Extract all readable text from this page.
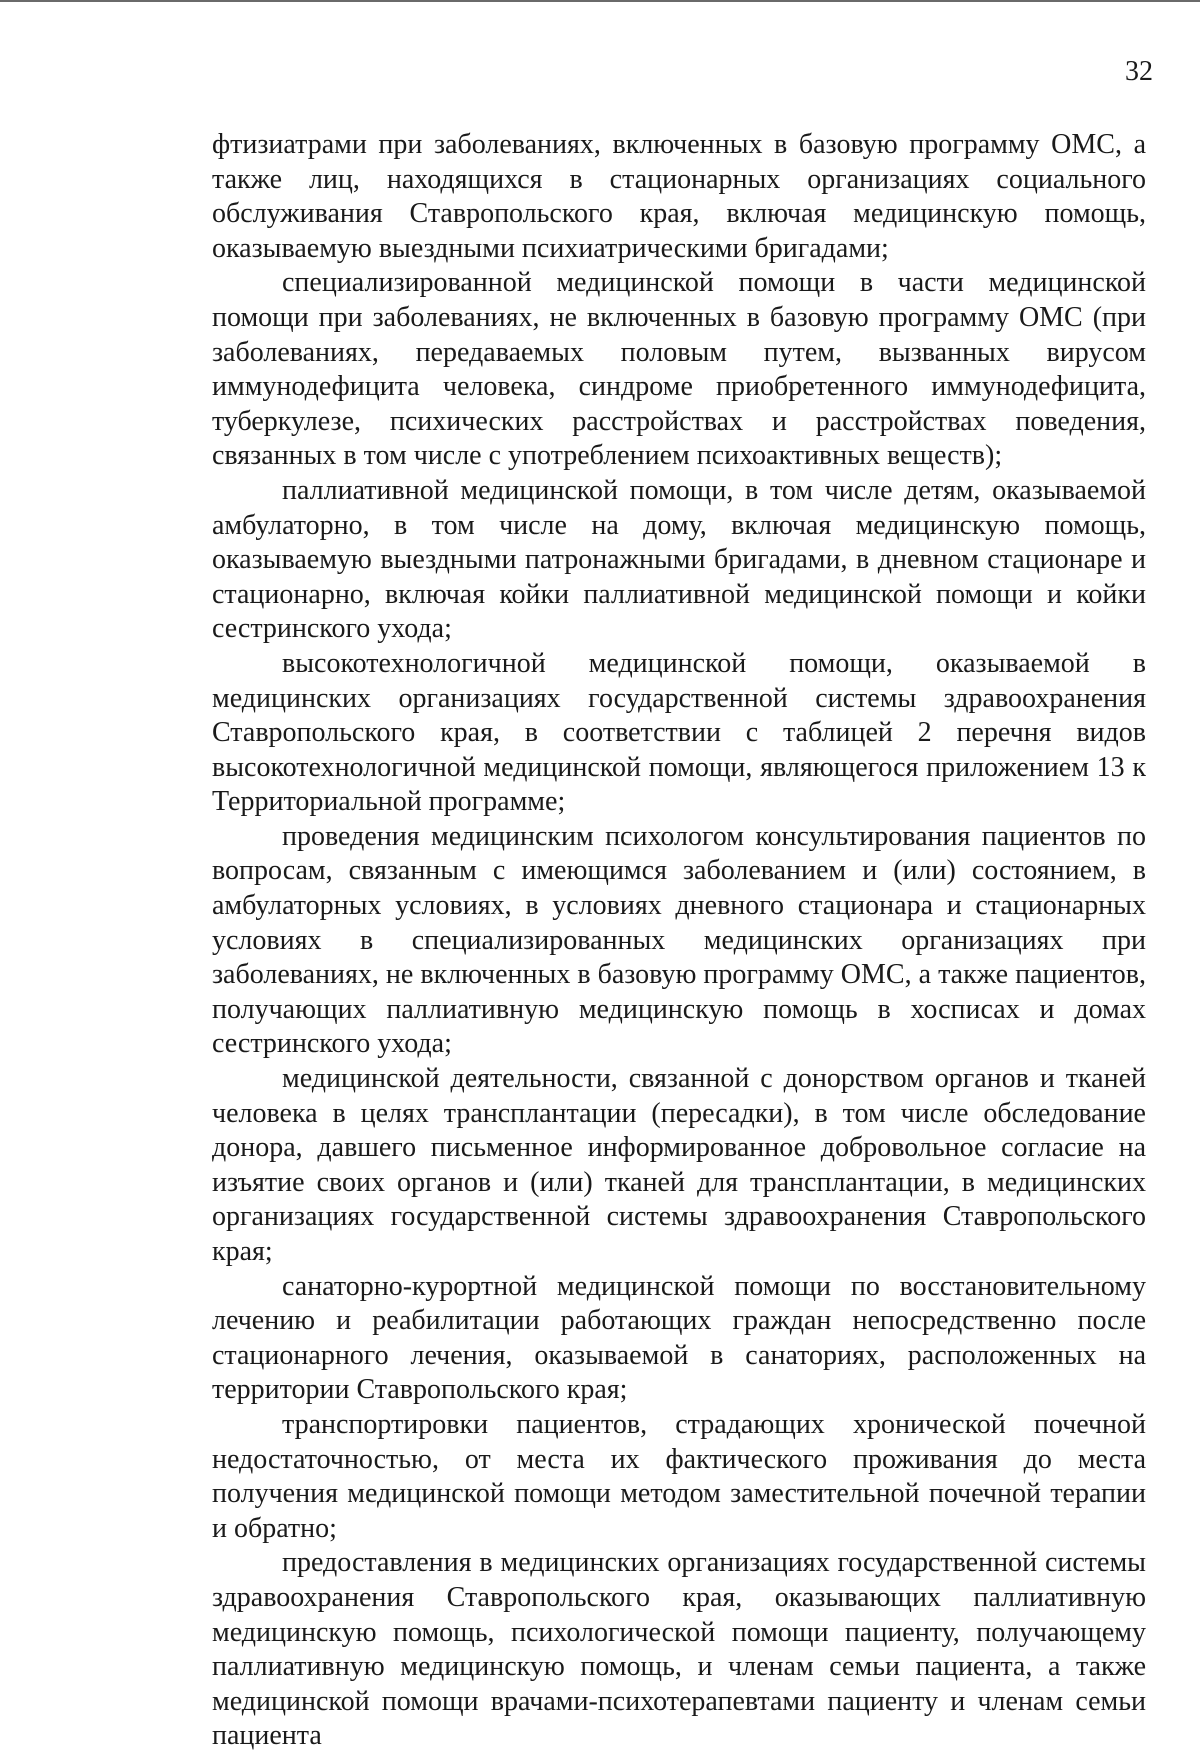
32

фтизиатрами при заболеваниях, включенных в базовую программу ОМС, а также лиц, находящихся в стационарных организациях социального обслуживания Ставропольского края, включая медицинскую помощь, оказываемую выездными психиатрическими бригадами;

специализированной медицинской помощи в части медицинской помощи при заболеваниях, не включенных в базовую программу ОМС (при заболеваниях, передаваемых половым путем, вызванных вирусом иммунодефицита человека, синдроме приобретенного иммунодефицита, туберкулезе, психических расстройствах и расстройствах поведения, связанных в том числе с употреблением психоактивных веществ);

паллиативной медицинской помощи, в том числе детям, оказываемой амбулаторно, в том числе на дому, включая медицинскую помощь, оказываемую выездными патронажными бригадами, в дневном стационаре и стационарно, включая койки паллиативной медицинской помощи и койки сестринского ухода;

высокотехнологичной медицинской помощи, оказываемой в медицинских организациях государственной системы здравоохранения Ставропольского края, в соответствии с таблицей 2 перечня видов высокотехнологичной медицинской помощи, являющегося приложением 13 к Территориальной программе;

проведения медицинским психологом консультирования пациентов по вопросам, связанным с имеющимся заболеванием и (или) состоянием, в амбулаторных условиях, в условиях дневного стационара и стационарных условиях в специализированных медицинских организациях при заболеваниях, не включенных в базовую программу ОМС, а также пациентов, получающих паллиативную медицинскую помощь в хосписах и домах сестринского ухода;

медицинской деятельности, связанной с донорством органов и тканей человека в целях трансплантации (пересадки), в том числе обследование донора, давшего письменное информированное добровольное согласие на изъятие своих органов и (или) тканей для трансплантации, в медицинских организациях государственной системы здравоохранения Ставропольского края;

санаторно-курортной медицинской помощи по восстановительному лечению и реабилитации работающих граждан непосредственно после стационарного лечения, оказываемой в санаториях, расположенных на территории Ставропольского края;

транспортировки пациентов, страдающих хронической почечной недостаточностью, от места их фактического проживания до места получения медицинской помощи методом заместительной почечной терапии и обратно;

предоставления в медицинских организациях государственной системы здравоохранения Ставропольского края, оказывающих паллиативную медицинскую помощь, психологической помощи пациенту, получающему паллиативную медицинскую помощь, и членам семьи пациента, а также медицинской помощи врачами-психотерапевтами пациенту и членам семьи пациента
